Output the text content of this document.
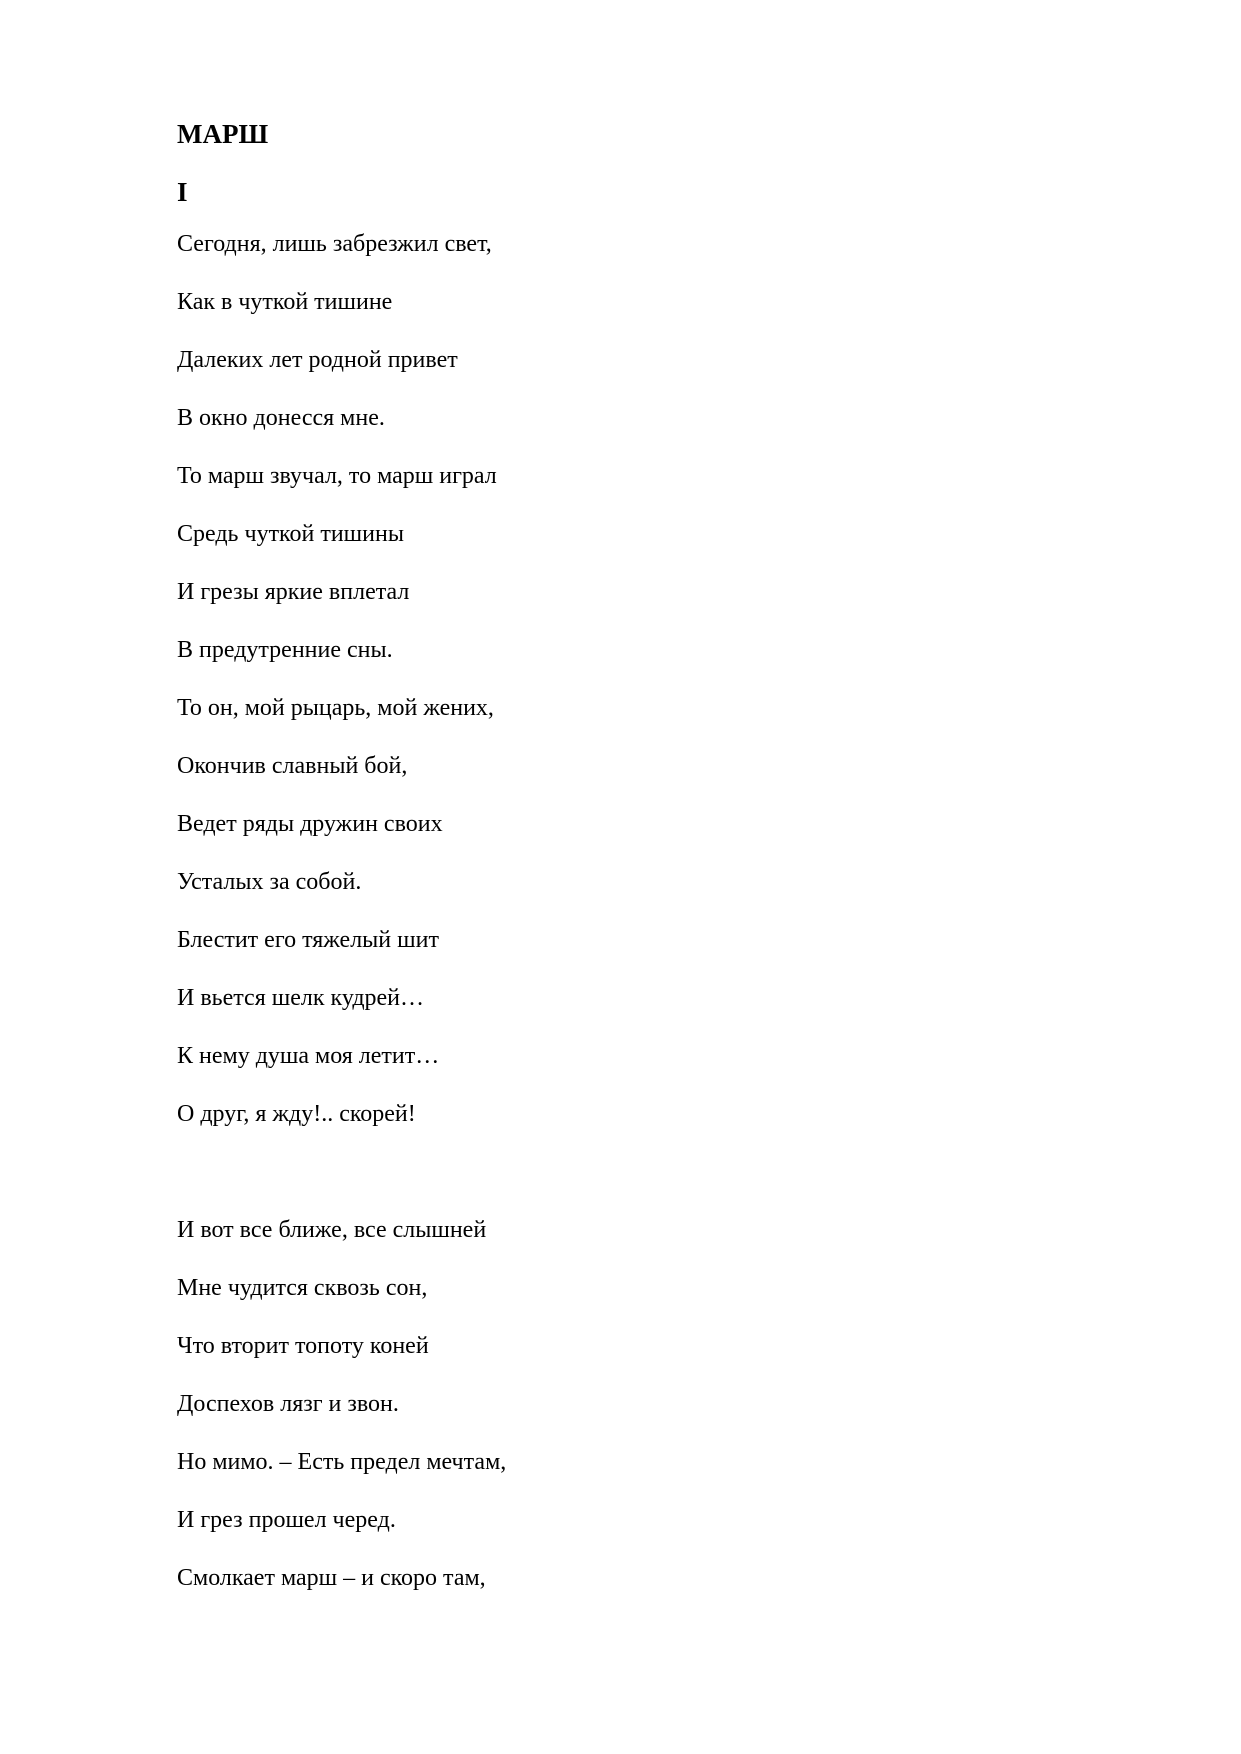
МАРШ
I
Сегодня, лишь забрезжил свет,
Как в чуткой тишине
Далеких лет родной привет
В окно донесся мне.
То марш звучал, то марш играл
Средь чуткой тишины
И грезы яркие вплетал
В предутренние сны.
То он, мой рыцарь, мой жених,
Окончив славный бой,
Ведет ряды дружин своих
Усталых за собой.
Блестит его тяжелый шит
И вьется шелк кудрей…
К нему душа моя летит…
О друг, я жду!.. скорей!
И вот все ближе, все слышней
Мне чудится сквозь сон,
Что вторит топоту коней
Доспехов лязг и звон.
Но мимо. – Есть предел мечтам,
И грез прошел черед.
Смолкает марш – и скоро там,
